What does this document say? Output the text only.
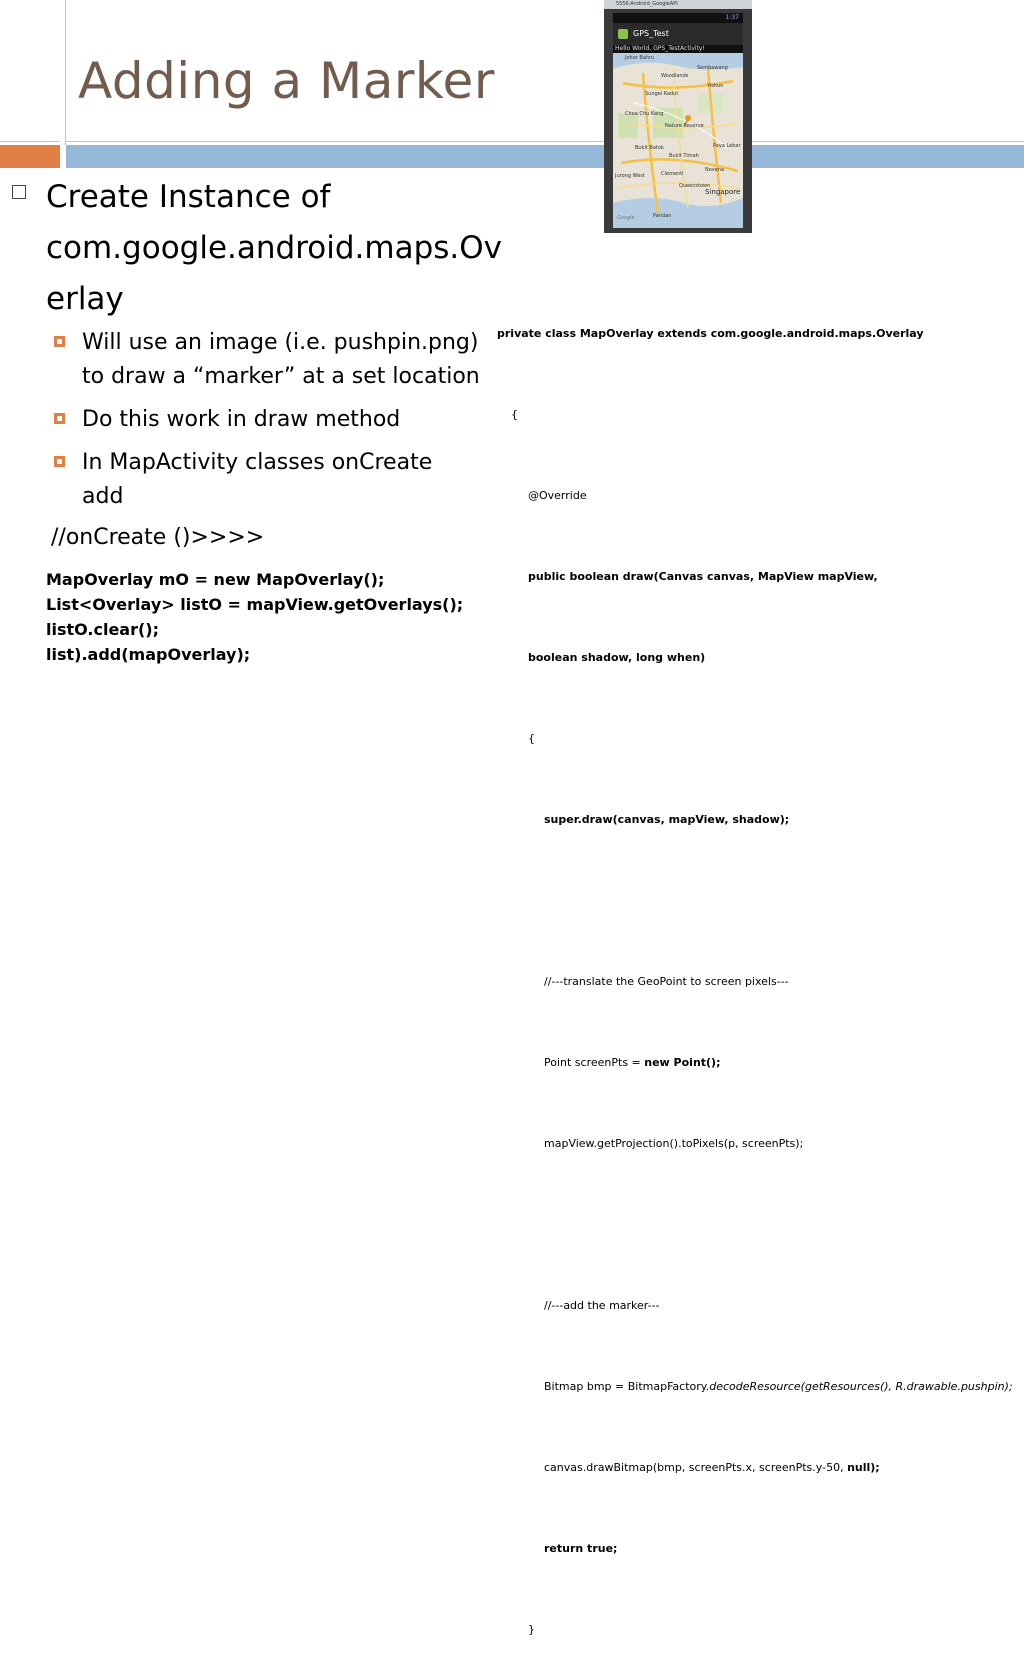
Adding a Marker
5556:Android_GoogleAPI
1:37
GPS_Test
Hello World, GPS_TestActivity!
Johor Bahru
Sembawang
Woodlands
Yishun
Sungei Kadut
Choa Chu Kang
Nature Reserve
Bukit Batok
Bukit Timah
Clementi
Queenstown
Singapore
Novena
Paya Lebar
Jurong West
Google	Pandan
Create Instance of
com.google.android.maps.Ov
erlay
Will use an image (i.e. pushpin.png)
to draw a “marker” at a set location
Do this work in draw method
In MapActivity classes onCreate
add
//onCreate ()>>>>
MapOverlay mO = new MapOverlay();
List<Overlay> listO = mapView.getOverlays();
listO.clear();
list).add(mapOverlay);

private class MapOverlay extends com.google.android.maps.Overlay

{

@Override

public boolean draw(Canvas canvas, MapView mapView,

boolean shadow, long when)

{

super.draw(canvas, mapView, shadow);

//---translate the GeoPoint to screen pixels---

Point screenPts = new Point();

mapView.getProjection().toPixels(p, screenPts);

//---add the marker---

Bitmap bmp = BitmapFactory.decodeResource(getResources(), R.drawable.pushpin);

canvas.drawBitmap(bmp, screenPts.x, screenPts.y-50, null);

return true;

}
